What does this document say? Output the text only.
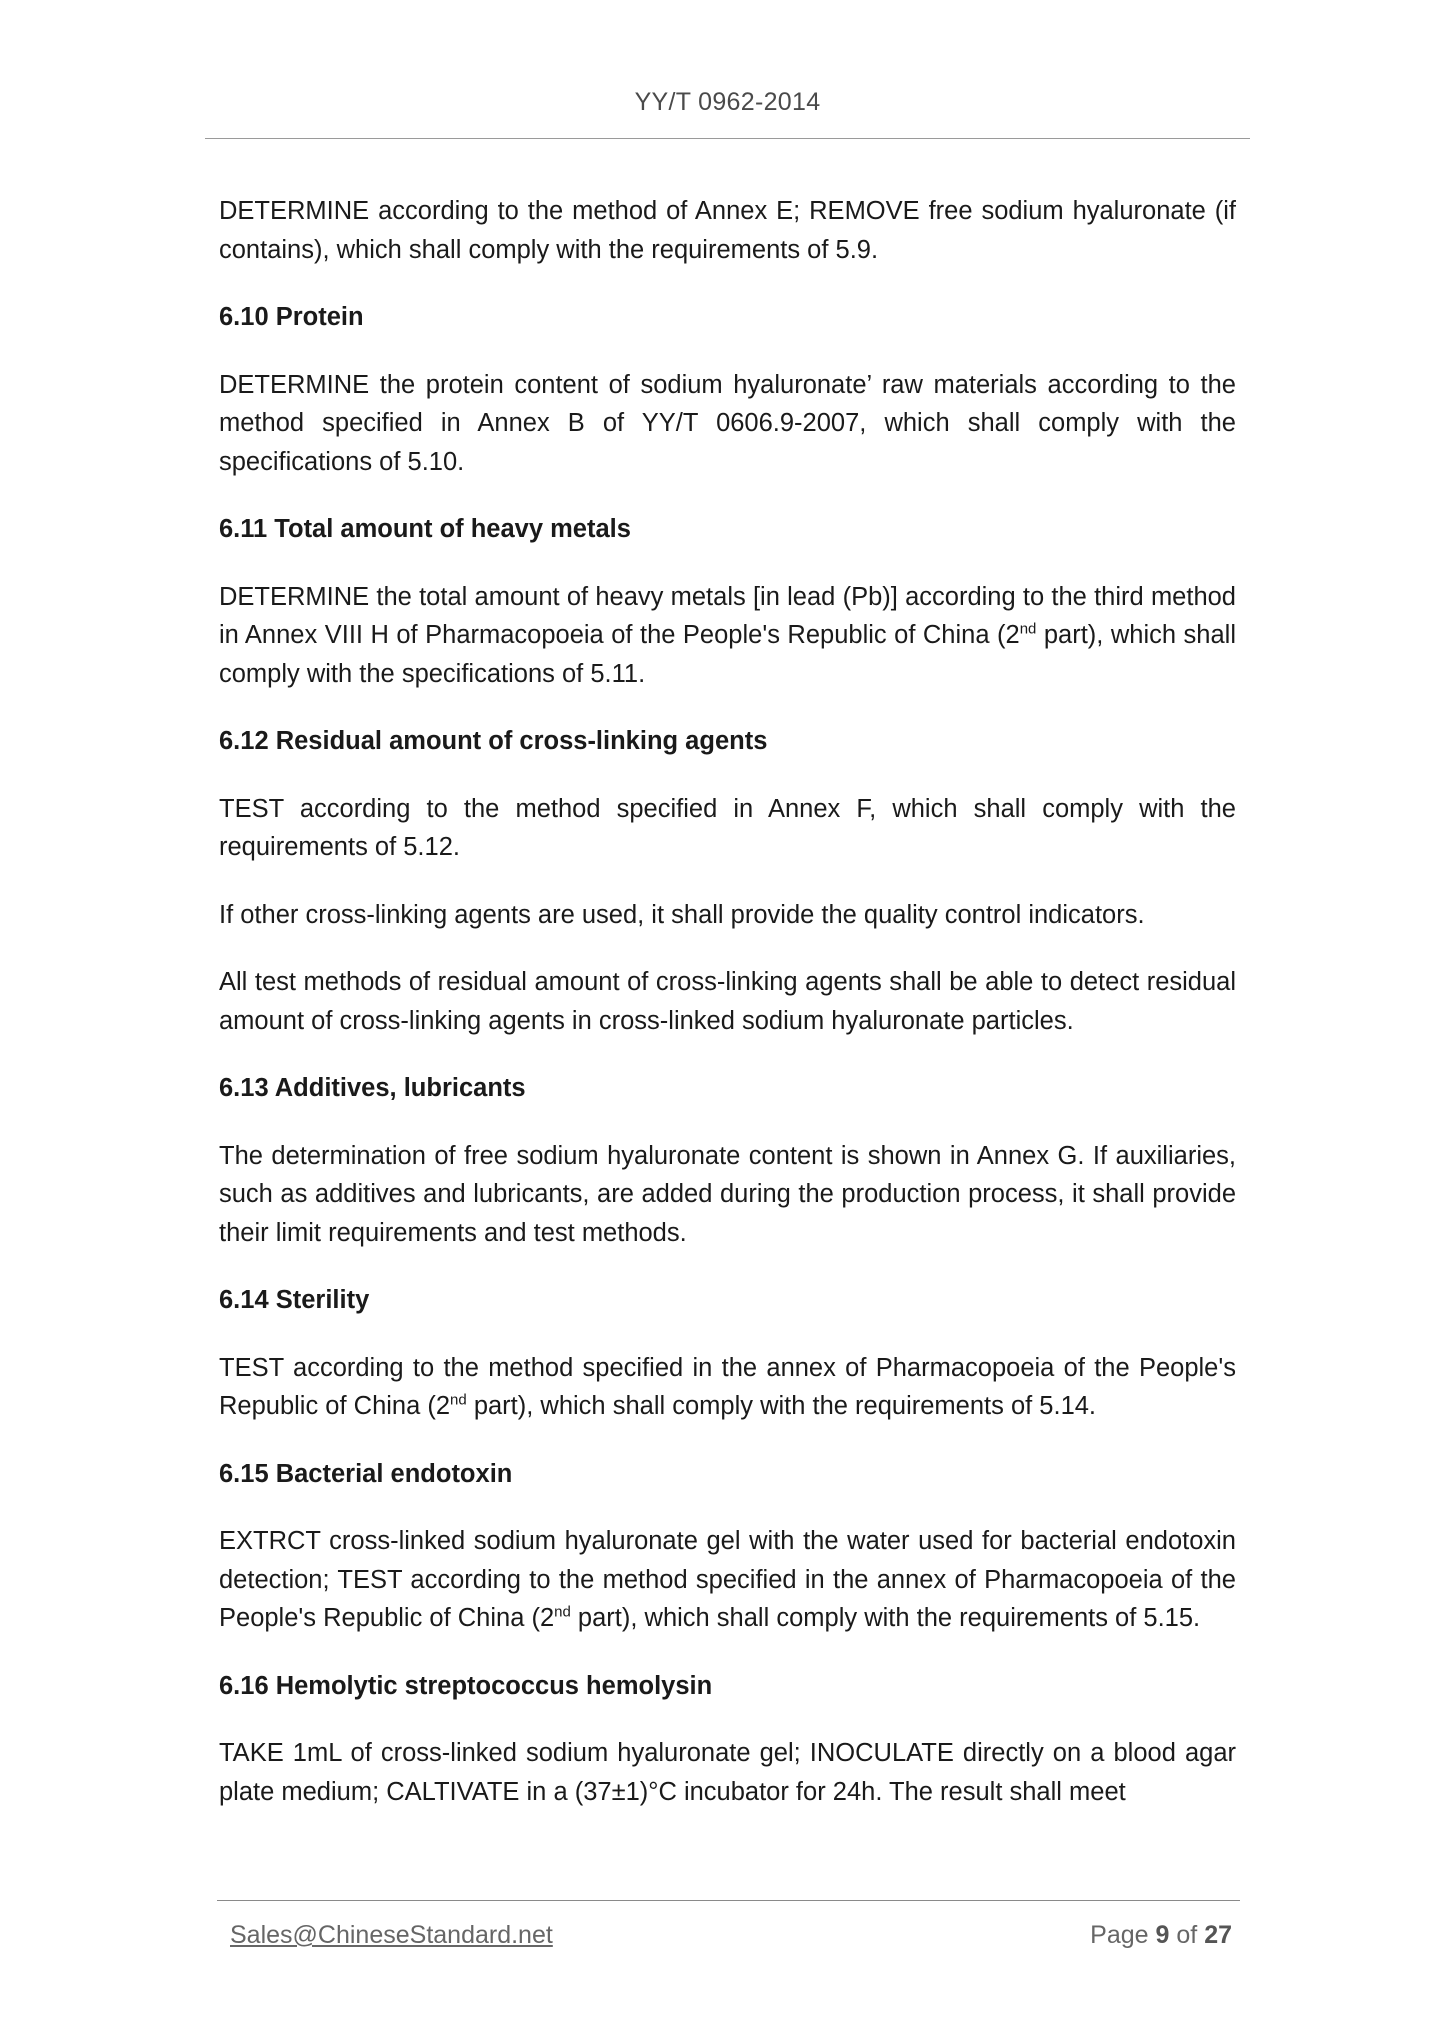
YY/T 0962-2014

DETERMINE according to the method of Annex E; REMOVE free sodium hyaluronate (if contains), which shall comply with the requirements of 5.9.

6.10 Protein

DETERMINE the protein content of sodium hyaluronate’ raw materials according to the method specified in Annex B of YY/T 0606.9-2007, which shall comply with the specifications of 5.10.

6.11 Total amount of heavy metals

DETERMINE the total amount of heavy metals [in lead (Pb)] according to the third method in Annex VIII H of Pharmacopoeia of the People's Republic of China (2nd part), which shall comply with the specifications of 5.11.

6.12 Residual amount of cross-linking agents

TEST according to the method specified in Annex F, which shall comply with the requirements of 5.12.

If other cross-linking agents are used, it shall provide the quality control indicators.

All test methods of residual amount of cross-linking agents shall be able to detect residual amount of cross-linking agents in cross-linked sodium hyaluronate particles.

6.13 Additives, lubricants

The determination of free sodium hyaluronate content is shown in Annex G. If auxiliaries, such as additives and lubricants, are added during the production process, it shall provide their limit requirements and test methods.

6.14 Sterility

TEST according to the method specified in the annex of Pharmacopoeia of the People's Republic of China (2nd part), which shall comply with the requirements of 5.14.

6.15 Bacterial endotoxin

EXTRCT cross-linked sodium hyaluronate gel with the water used for bacterial endotoxin detection; TEST according to the method specified in the annex of Pharmacopoeia of the People's Republic of China (2nd part), which shall comply with the requirements of 5.15.

6.16 Hemolytic streptococcus hemolysin

TAKE 1mL of cross-linked sodium hyaluronate gel; INOCULATE directly on a blood agar plate medium; CALTIVATE in a (37±1)°C incubator for 24h. The result shall meet

Sales@ChineseStandard.net	Page 9 of 27
